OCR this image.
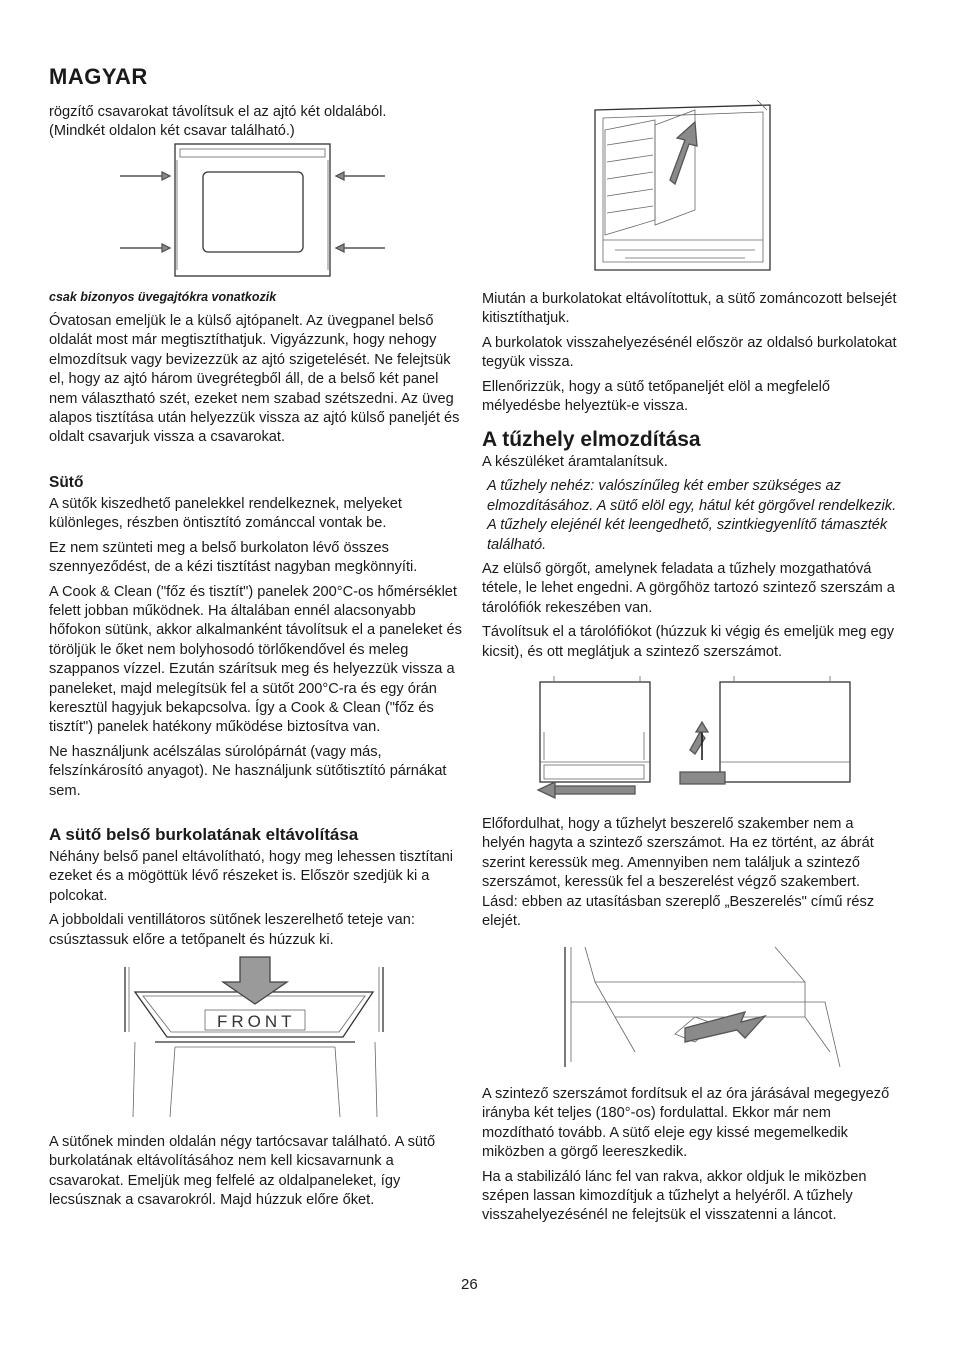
MAGYAR
rögzítő csavarokat távolítsuk el az ajtó két oldalából.
(Mindkét oldalon két csavar található.)

csak bizonyos üvegajtókra vonatkozik

Óvatosan emeljük le a külső ajtópanelt. Az üvegpanel belső oldalát most már megtisztíthatjuk. Vigyázzunk, hogy nehogy elmozdítsuk vagy bevizezzük az ajtó szigetelését. Ne felejtsük el, hogy az ajtó három üvegrétegből áll, de a belső két panel nem választható szét, ezeket nem szabad szétszedni. Az üveg alapos tisztítása után helyezzük vissza az ajtó külső paneljét és oldalt csavarjuk vissza a csavarokat.

Sütő

A sütők kiszedhető panelekkel rendelkeznek, melyeket különleges, részben öntisztító zománccal vontak be.

Ez nem szünteti meg a belső burkolaton lévő összes szennyeződést, de a kézi tisztítást nagyban megkönnyíti.

A Cook & Clean ("főz és tisztít") panelek 200°C-os hőmérséklet felett jobban működnek. Ha általában ennél alacsonyabb hőfokon sütünk, akkor alkalmanként távolítsuk el a paneleket és töröljük le őket nem bolyhosodó törlőkendővel és meleg szappanos vízzel. Ezután szárítsuk meg és helyezzük vissza a paneleket, majd melegítsük fel a sütőt 200°C-ra és egy órán keresztül hagyjuk bekapcsolva. Így a Cook & Clean ("főz és tisztít") panelek hatékony működése biztosítva van.

Ne használjunk acélszálas súrolópárnát (vagy más, felszínkárosító anyagot). Ne használjunk sütőtisztító párnákat sem.

A sütő belső burkolatának eltávolítása

Néhány belső panel eltávolítható, hogy meg lehessen tisztítani ezeket és a mögöttük lévő részeket is. Először szedjük ki a polcokat.

A jobboldali ventillátoros sütőnek leszerelhető teteje van: csúsztassuk előre a tetőpanelt és húzzuk ki.

FRONT

A sütőnek minden oldalán négy tartócsavar található. A sütő burkolatának eltávolításához nem kell kicsavarnunk a csavarokat. Emeljük meg felfelé az oldalpaneleket, így lecsúsznak a csavarokról. Majd húzzuk előre őket.

Miután a burkolatokat eltávolítottuk, a sütő zománcozott belsejét kitisztíthatjuk.

A burkolatok visszahelyezésénél először az oldalsó burkolatokat tegyük vissza.

Ellenőrizzük, hogy a sütő tetőpaneljét elöl a megfelelő mélyedésbe helyeztük-e vissza.

A tűzhely elmozdítása

A készüléket áramtalanítsuk.

A tűzhely nehéz: valószínűleg két ember szükséges az elmozdításához. A sütő elöl egy, hátul két görgővel rendelkezik. A tűzhely elejénél két leengedhető, szintkiegyenlítő támaszték található.

Az elülső görgőt, amelynek feladata a tűzhely mozgathatóvá tétele, le lehet engedni. A görgőhöz tartozó szintező szerszám a tárolófiók rekeszében van.

Távolítsuk el a tárolófiókot (húzzuk ki végig és emeljük meg egy kicsit), és ott meglátjuk a szintező szerszámot.

Előfordulhat, hogy a tűzhelyt beszerelő szakember nem a helyén hagyta a szintező szerszámot. Ha ez történt, az ábrát szerint keressük meg. Amennyiben nem találjuk a szintező szerszámot, keressük fel a beszerelést végző szakembert. Lásd: ebben az utasításban szereplő „Beszerelés" című rész elejét.

A szintező szerszámot fordítsuk el az óra járásával megegyező irányba két teljes (180°-os) fordulattal. Ekkor már nem mozdítható tovább. A sütő eleje egy kissé megemelkedik miközben a görgő leereszkedik.

Ha a stabilizáló lánc fel van rakva, akkor oldjuk le miközben szépen lassan kimozdítjuk a tűzhelyt a helyéről. A tűzhely visszahelyezésénél ne felejtsük el visszatenni a láncot.

26
